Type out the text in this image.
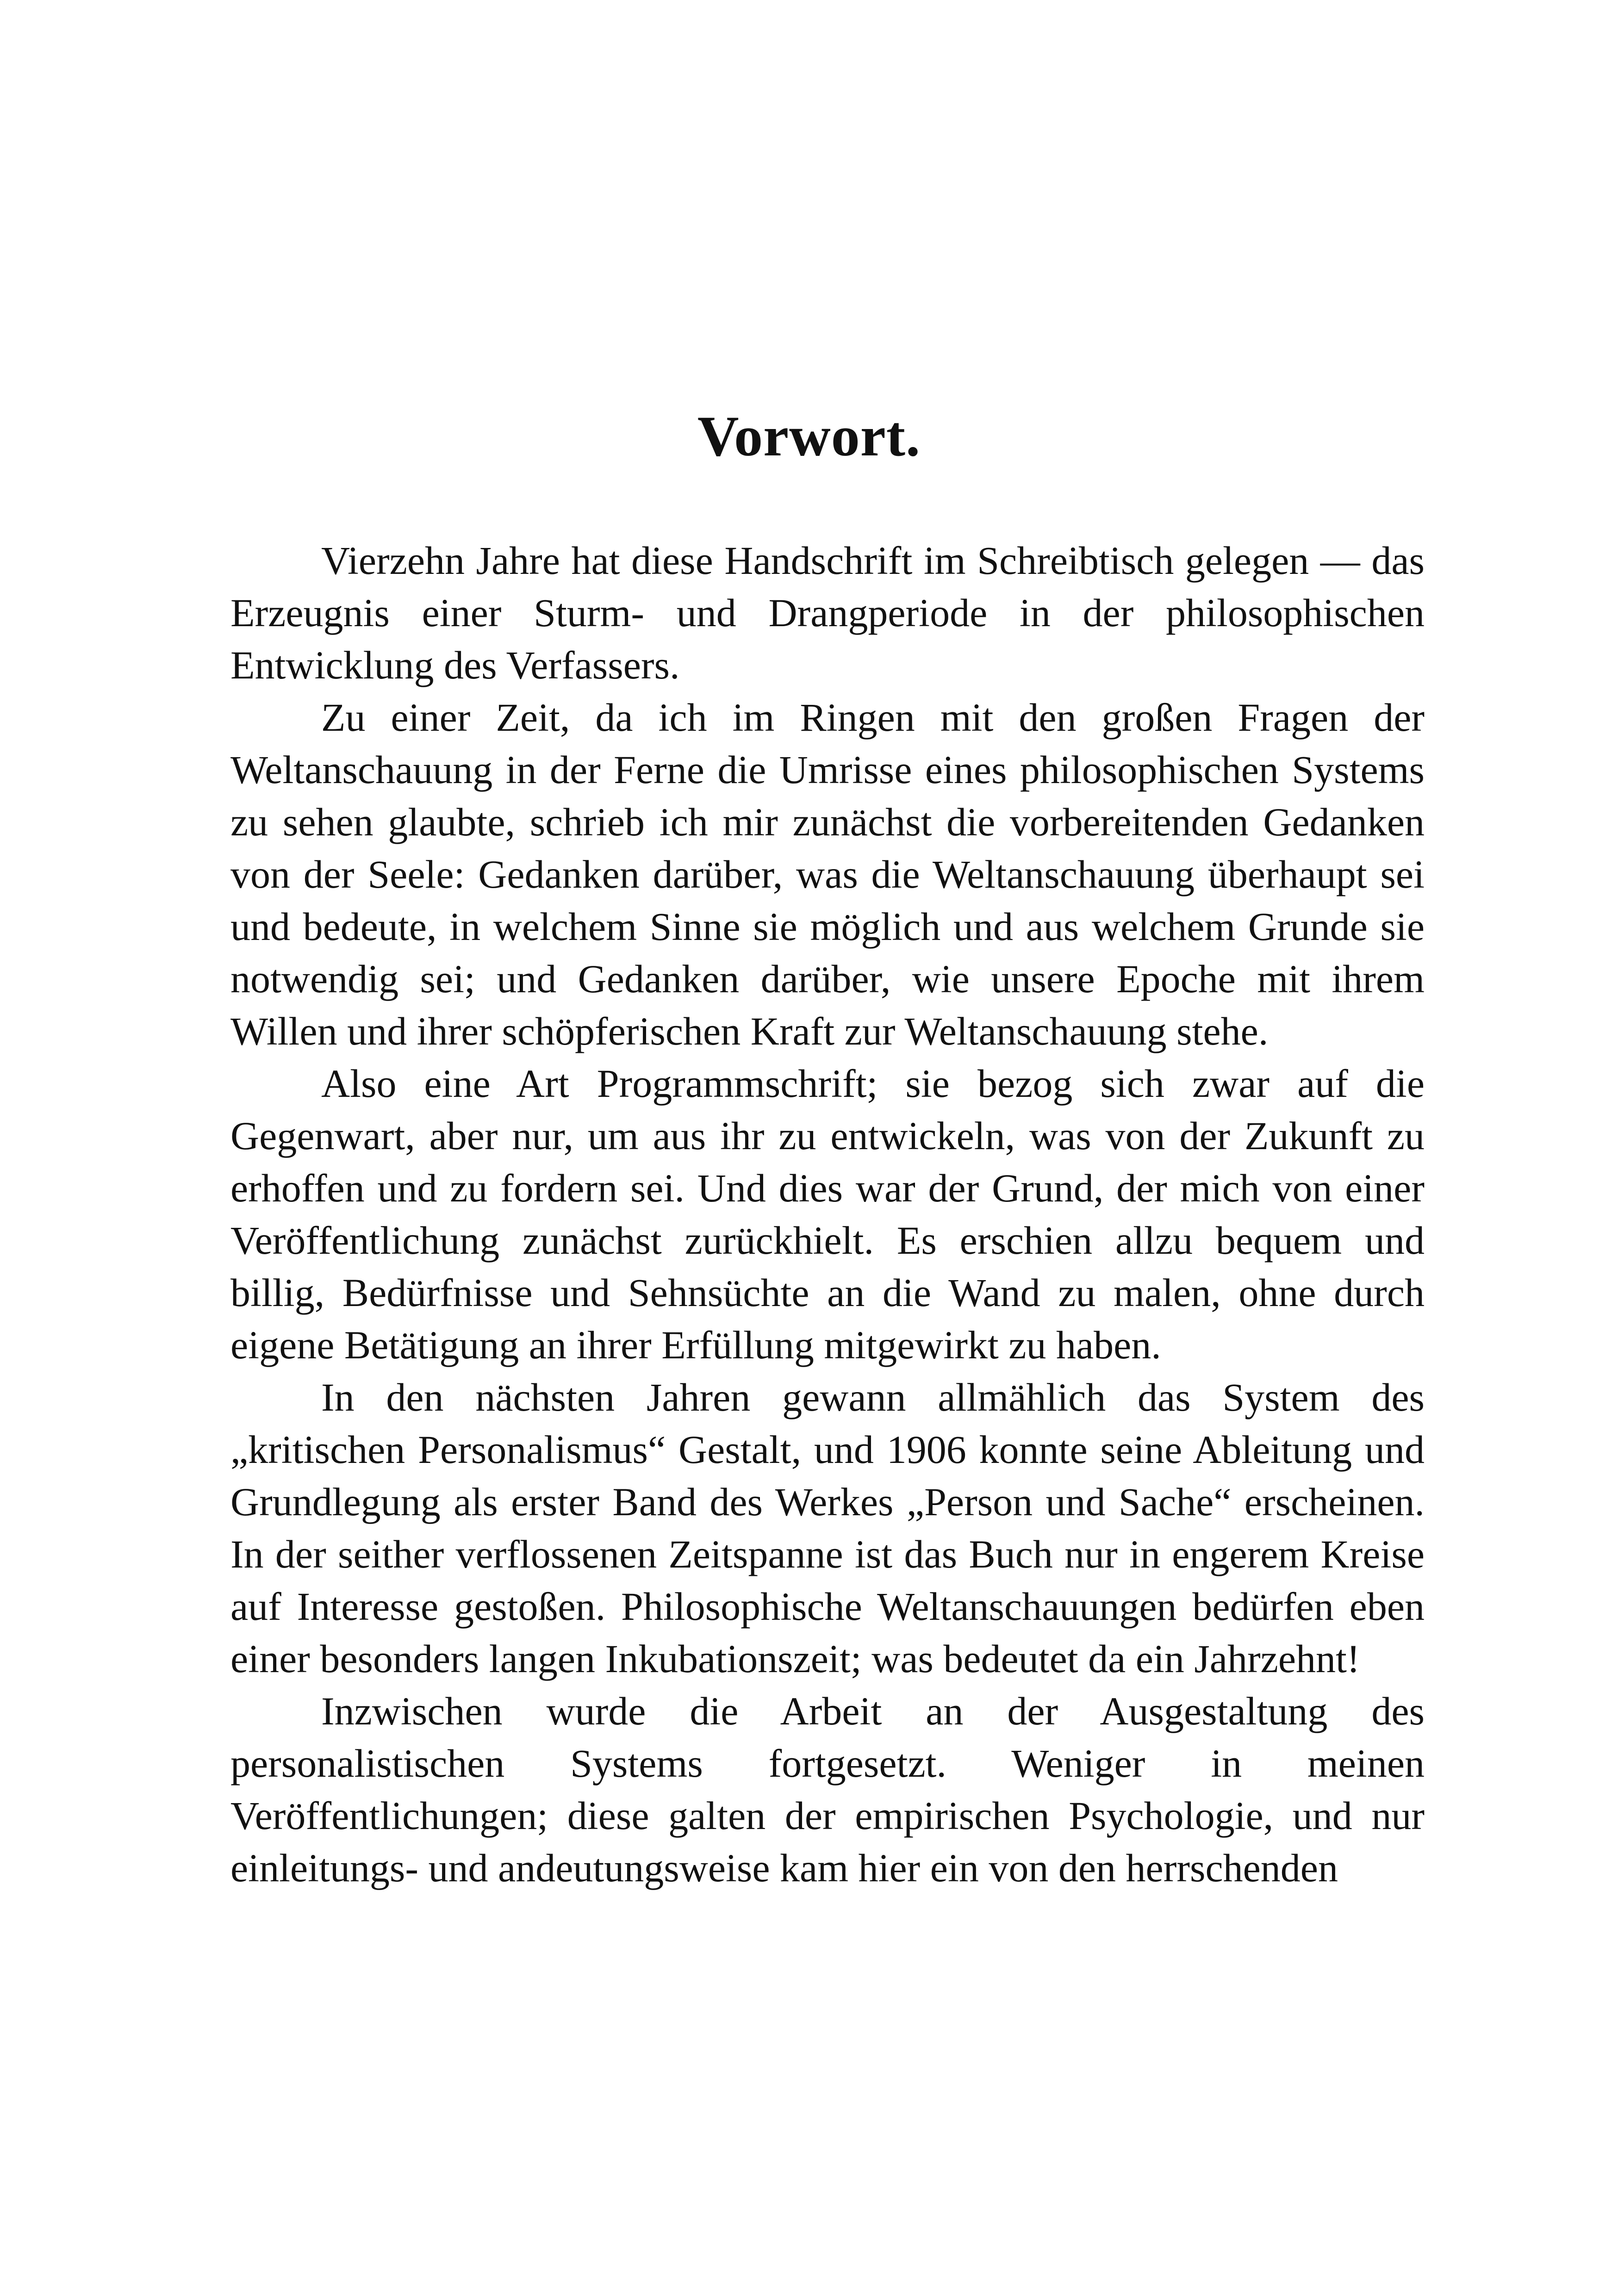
Vorwort.

Vierzehn Jahre hat diese Handschrift im Schreibtisch gelegen — das Erzeugnis einer Sturm- und Drangperiode in der philosophischen Entwicklung des Verfassers.

Zu einer Zeit, da ich im Ringen mit den großen Fragen der Weltanschauung in der Ferne die Umrisse eines philosophischen Systems zu sehen glaubte, schrieb ich mir zunächst die vorbereitenden Gedanken von der Seele: Gedanken darüber, was die Weltanschauung überhaupt sei und bedeute, in welchem Sinne sie möglich und aus welchem Grunde sie notwendig sei; und Gedanken darüber, wie unsere Epoche mit ihrem Willen und ihrer schöpferischen Kraft zur Weltanschauung stehe.

Also eine Art Programmschrift; sie bezog sich zwar auf die Gegenwart, aber nur, um aus ihr zu entwickeln, was von der Zukunft zu erhoffen und zu fordern sei. Und dies war der Grund, der mich von einer Veröffentlichung zunächst zurückhielt. Es erschien allzu bequem und billig, Bedürfnisse und Sehnsüchte an die Wand zu malen, ohne durch eigene Betätigung an ihrer Erfüllung mitgewirkt zu haben.

In den nächsten Jahren gewann allmählich das System des „kritischen Personalismus“ Gestalt, und 1906 konnte seine Ableitung und Grundlegung als erster Band des Werkes „Person und Sache“ erscheinen. In der seither verflossenen Zeitspanne ist das Buch nur in engerem Kreise auf Interesse gestoßen. Philosophische Weltanschauungen bedürfen eben einer besonders langen Inkubationszeit; was bedeutet da ein Jahrzehnt!

Inzwischen wurde die Arbeit an der Ausgestaltung des personalistischen Systems fortgesetzt. Weniger in meinen Veröffentlichungen; diese galten der empirischen Psychologie, und nur einleitungs- und andeutungsweise kam hier ein von den herrschenden
